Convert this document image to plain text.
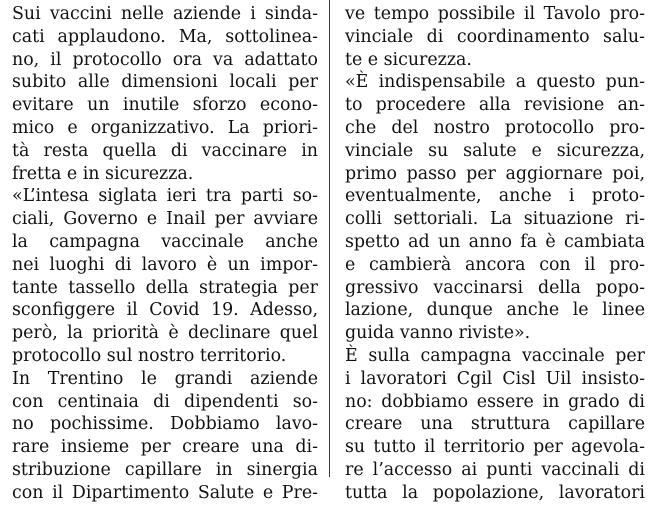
Sui vaccini nelle aziende i sinda-
cati applaudono. Ma, sottolinea-
no, il protocollo ora va adattato
subito alle dimensioni locali per
evitare un inutile sforzo econo-
mico e organizzativo. La priori-
tà resta quella di vaccinare in
fretta e in sicurezza.
«L’intesa siglata ieri tra parti so-
ciali, Governo e Inail per avviare
la campagna vaccinale anche
nei luoghi di lavoro è un impor-
tante tassello della strategia per
sconfiggere il Covid 19. Adesso,
però, la priorità è declinare quel
protocollo sul nostro territorio.
In Trentino le grandi aziende
con centinaia di dipendenti so-
no pochissime. Dobbiamo lavo-
rare insieme per creare una di-
stribuzione capillare in sinergia
con il Dipartimento Salute e Pre-
ve tempo possibile il Tavolo pro-
vinciale di coordinamento salu-
te e sicurezza.
«È indispensabile a questo pun-
to procedere alla revisione an-
che del nostro protocollo pro-
vinciale su salute e sicurezza,
primo passo per aggiornare poi,
eventualmente, anche i proto-
colli settoriali. La situazione ri-
spetto ad un anno fa è cambiata
e cambierà ancora con il pro-
gressivo vaccinarsi della popo-
lazione, dunque anche le linee
guida vanno riviste».
È sulla campagna vaccinale per
i lavoratori Cgil Cisl Uil insisto-
no: dobbiamo essere in grado di
creare una struttura capillare
su tutto il territorio per agevola-
re l’accesso ai punti vaccinali di
tutta la popolazione, lavoratori
